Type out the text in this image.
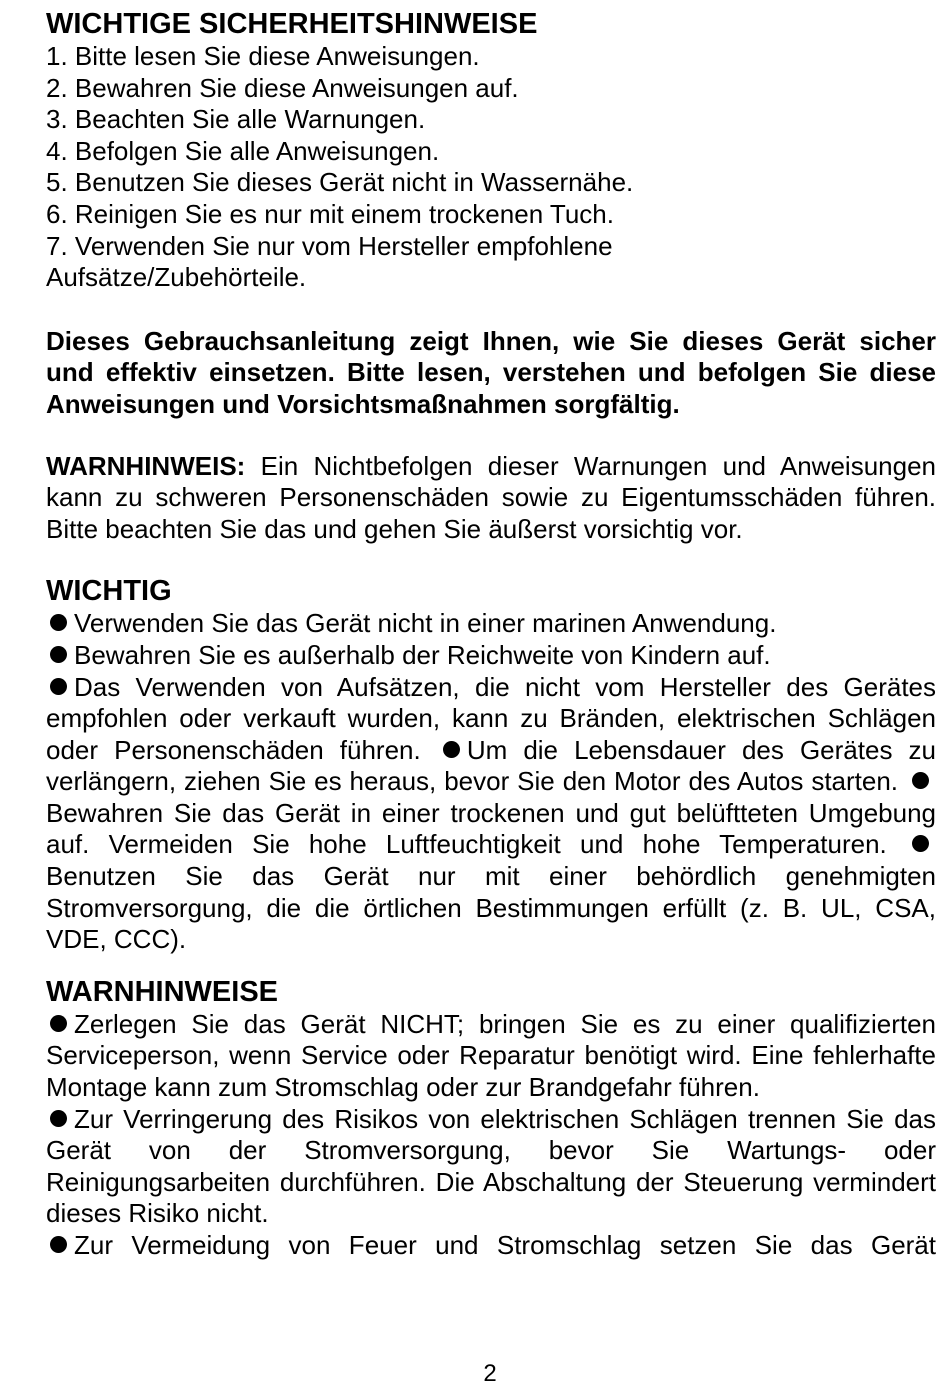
WICHTIGE SICHERHEITSHINWEISE
1. Bitte lesen Sie diese Anweisungen.
2. Bewahren Sie diese Anweisungen auf.
3. Beachten Sie alle Warnungen.
4. Befolgen Sie alle Anweisungen.
5. Benutzen Sie dieses Gerät nicht in Wassernähe.
6. Reinigen Sie es nur mit einem trockenen Tuch.
7. Verwenden Sie nur vom Hersteller empfohlene
Aufsätze/Zubehörteile.

Dieses Gebrauchsanleitung zeigt Ihnen, wie Sie dieses Gerät sicher und effektiv einsetzen. Bitte lesen, verstehen und befolgen Sie diese Anweisungen und Vorsichtsmaßnahmen sorgfältig.

WARNHINWEIS: Ein Nichtbefolgen dieser Warnungen und Anweisungen kann zu schweren Personenschäden sowie zu Eigentumsschäden führen. Bitte beachten Sie das und gehen Sie äußerst vorsichtig vor.

WICHTIG
Verwenden Sie das Gerät nicht in einer marinen Anwendung.
Bewahren Sie es außerhalb der Reichweite von Kindern auf.

Das Verwenden von Aufsätzen, die nicht vom Hersteller des Gerätes empfohlen oder verkauft wurden, kann zu Bränden, elektrischen Schlägen oder Personenschäden führen. Um die Lebensdauer des Gerätes zu verlängern, ziehen Sie es heraus, bevor Sie den Motor des Autos starten. Bewahren Sie das Gerät in einer trockenen und gut belüftteten Umgebung auf. Vermeiden Sie hohe Luftfeuchtigkeit und hohe Temperaturen. Benutzen Sie das Gerät nur mit einer behördlich genehmigten Stromversorgung, die die örtlichen Bestimmungen erfüllt (z. B. UL, CSA, VDE, CCC).

WARNHINWEISE

Zerlegen Sie das Gerät NICHT; bringen Sie es zu einer qualifizierten Serviceperson, wenn Service oder Reparatur benötigt wird. Eine fehlerhafte Montage kann zum Stromschlag oder zur Brandgefahr führen.

Zur Verringerung des Risikos von elektrischen Schlägen trennen Sie das Gerät von der Stromversorgung, bevor Sie Wartungs- oder Reinigungsarbeiten durchführen. Die Abschaltung der Steuerung vermindert dieses Risiko nicht.

Zur Vermeidung von Feuer und Stromschlag setzen Sie das Gerät
2
